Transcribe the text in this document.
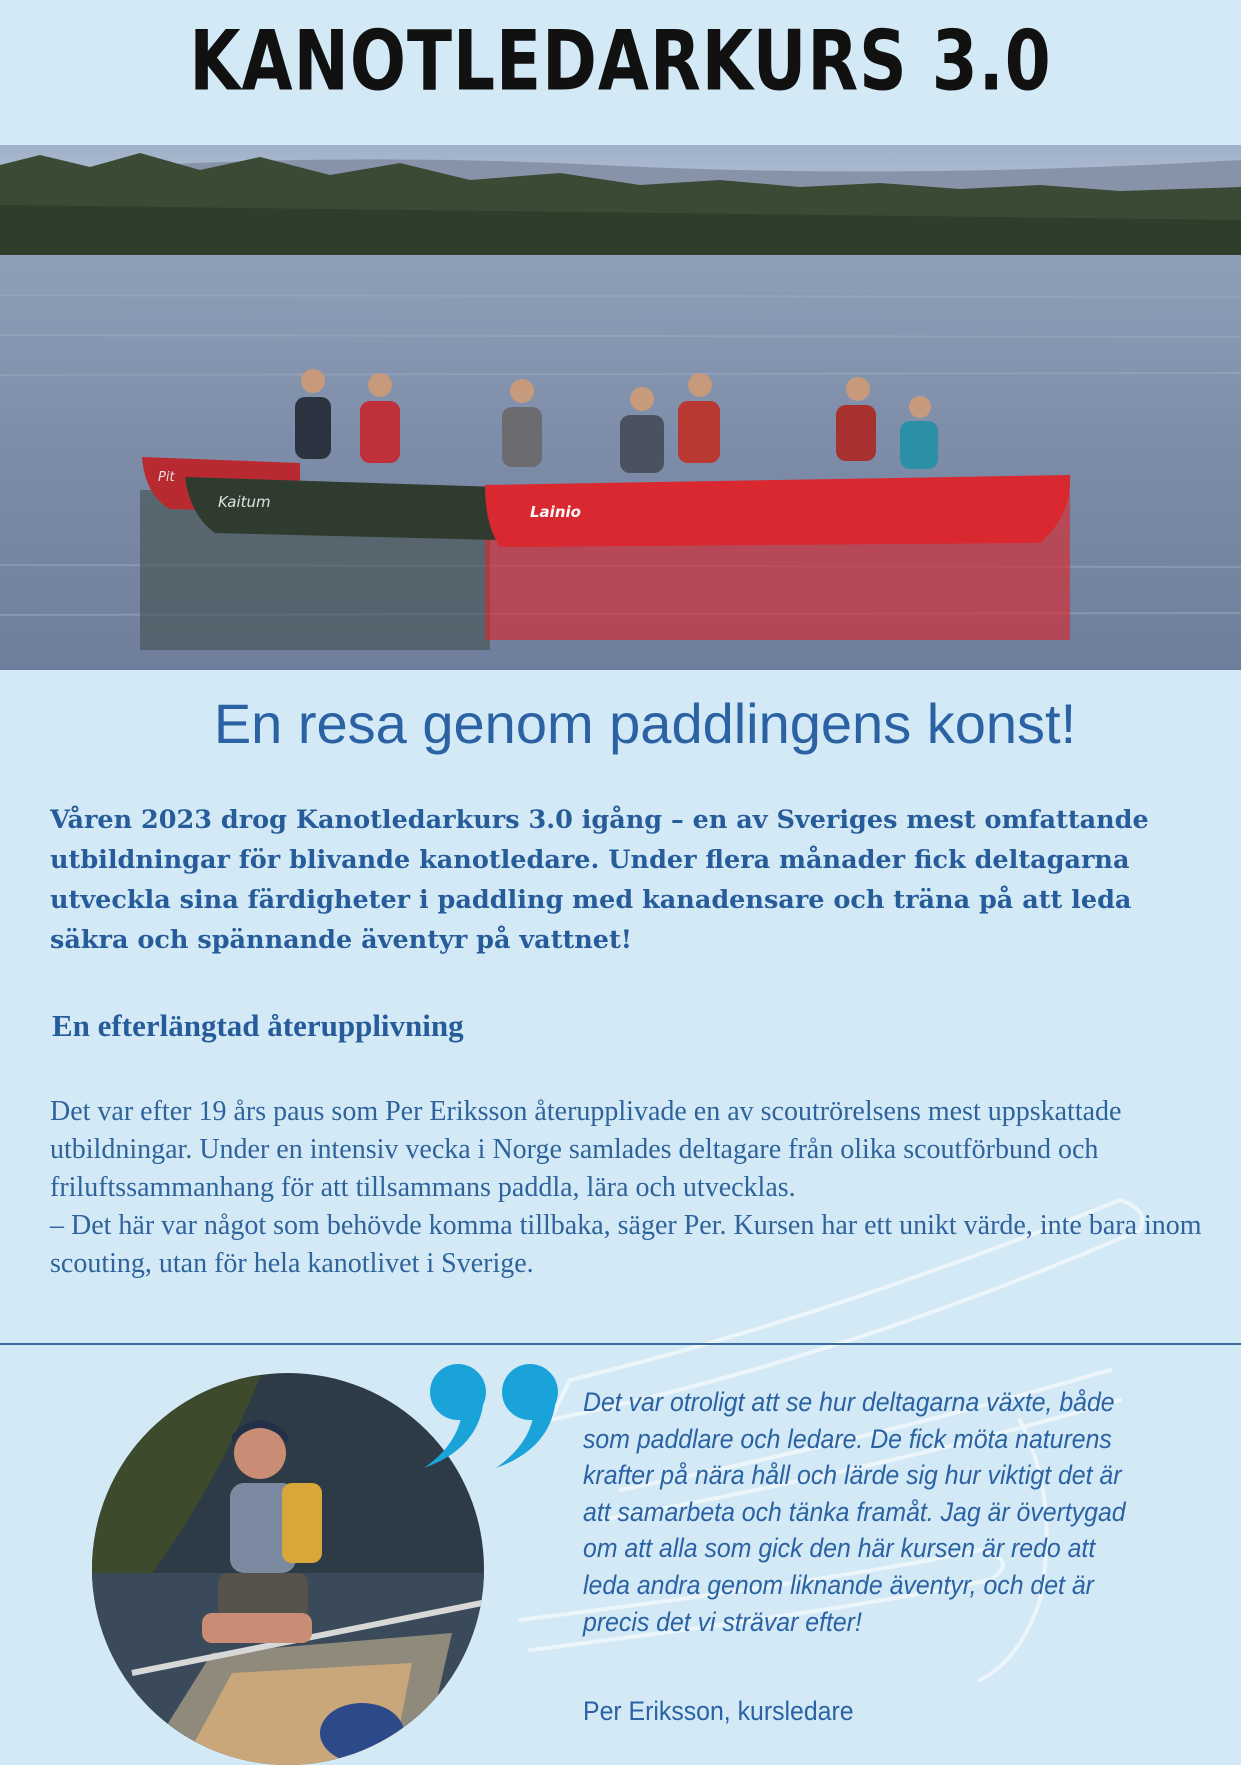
KANOTLEDARKURS 3.0
Kaitum
Pit
Lainio
En resa genom paddlingens konst!
Våren 2023 drog Kanotledarkurs 3.0 igång – en av Sveriges mest omfattande utbildningar för blivande kanotledare. Under flera månader fick deltagarna utveckla sina färdigheter i paddling med kanadensare och träna på att leda säkra och spännande äventyr på vattnet!
En efterlängtad återupplivning

Det var efter 19 års paus som Per Eriksson återupplivade en av scoutrörelsens mest uppskattade utbildningar. Under en intensiv vecka i Norge samlades deltagare från olika scoutförbund och friluftssammanhang för att tillsammans paddla, lära och utvecklas.

– Det här var något som behövde komma tillbaka, säger Per. Kursen har ett unikt värde, inte bara inom scouting, utan för hela kanotlivet i Sverige.

Det var otroligt att se hur deltagarna växte, både som paddlare och ledare. De fick möta naturens krafter på nära håll och lärde sig hur viktigt det är att samarbeta och tänka framåt. Jag är övertygad om att alla som gick den här kursen är redo att leda andra genom liknande äventyr, och det är precis det vi strävar efter!
Per Eriksson, kursledare
